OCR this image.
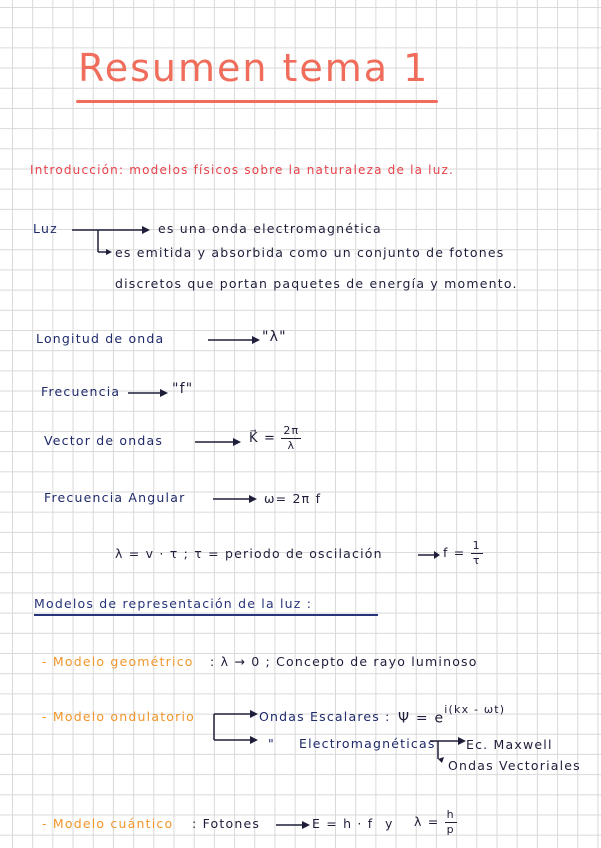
Resumen tema 1
Introducción: modelos físicos sobre la naturaleza de la luz.
Luz	es una onda electromagnética
es emitida y absorbida como un conjunto de fotones
discretos que portan paquetes de energía y momento.
Longitud de onda	"λ"
Frecuencia	"f"
Vector de ondas	K⃗ = $\frac{2\pi}{\lambda}$
Frecuencia Angular	ω= 2π f
λ = v · τ ; τ = periodo de oscilación	$f = \frac{1}{\tau}$
Modelos de representación de la luz :
- Modelo geométrico : λ → 0 ; Concepto de rayo luminoso
- Modelo ondulatorio	Ondas Escalares : $\Psi = e^{i(kx - \omega t)}$
" Electromagnéticas Ec. Maxwell
Ondas Vectoriales
- Modelo cuántico : Fotones	E = h · f y $\lambda = \frac{h}{p}$
